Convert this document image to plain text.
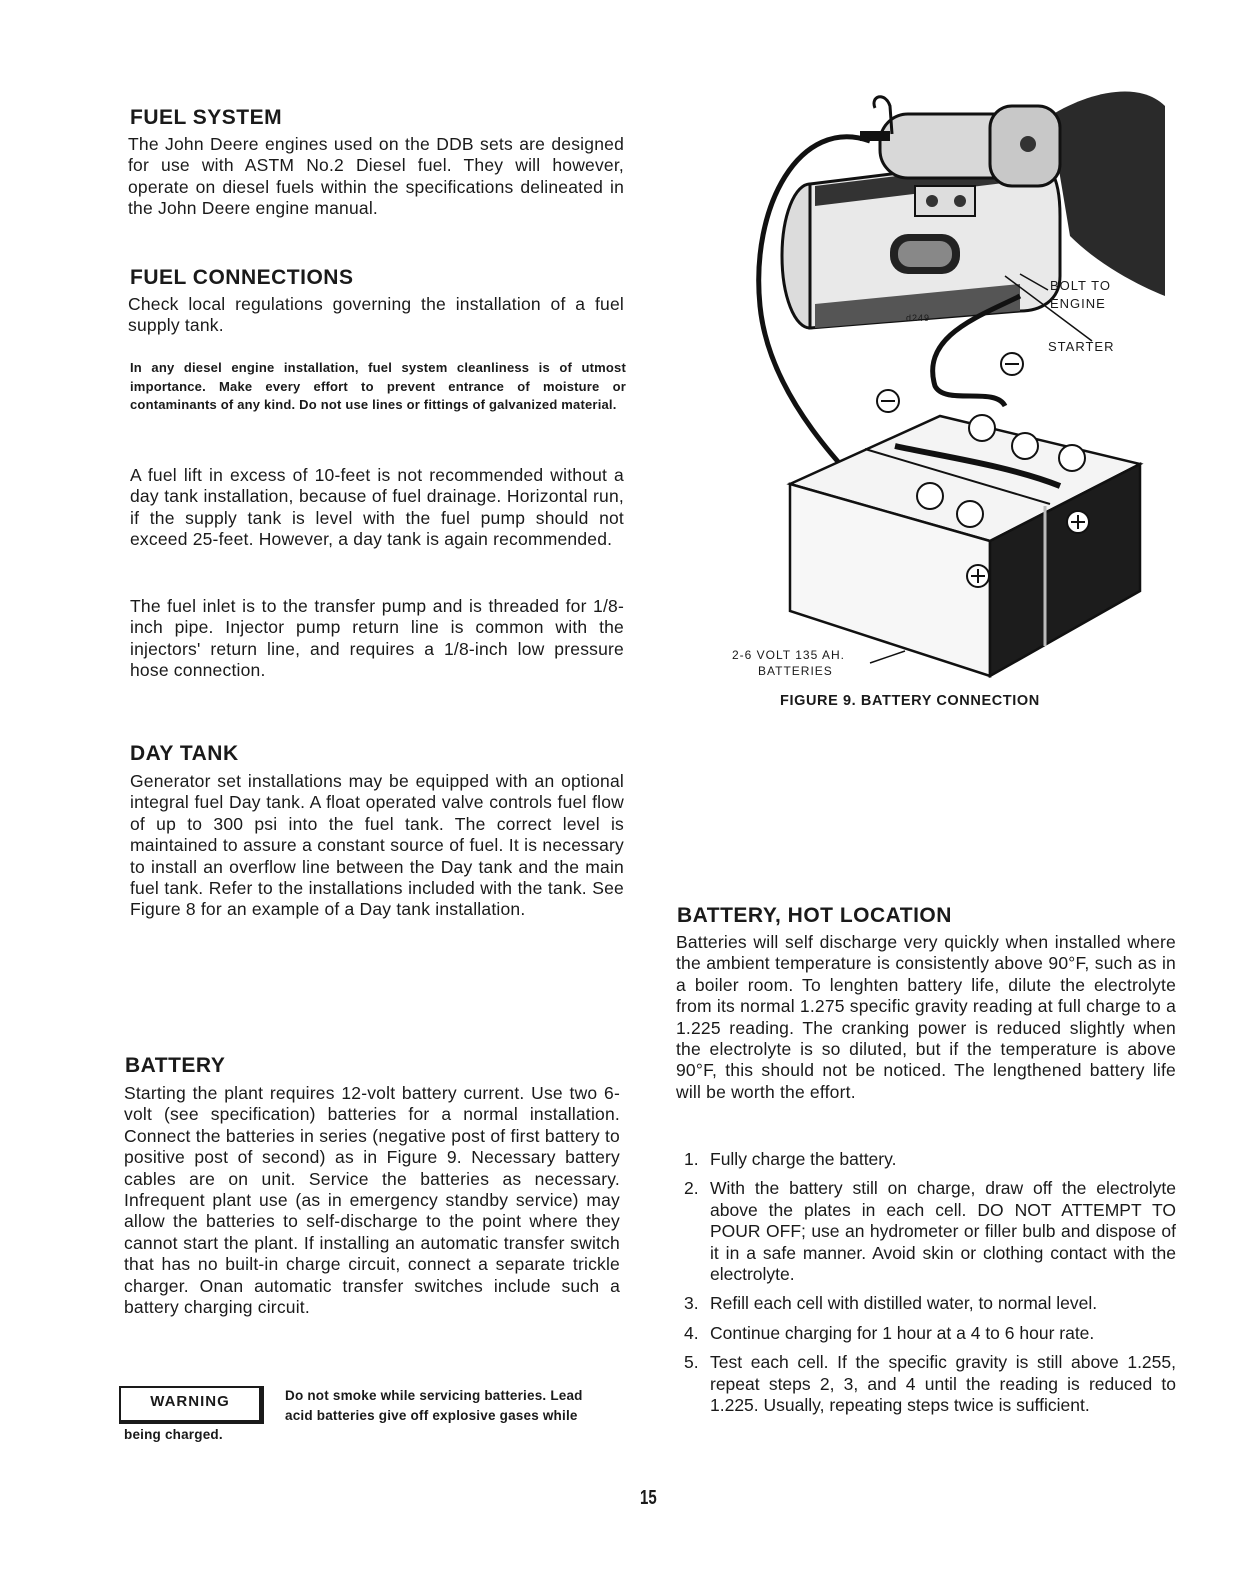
FUEL SYSTEM
The John Deere engines used on the DDB sets are designed for use with ASTM No.2 Diesel fuel. They will however, operate on diesel fuels within the specifications delineated in the John Deere engine manual.
FUEL CONNECTIONS
Check local regulations governing the installation of a fuel supply tank.
In any diesel engine installation, fuel system cleanliness is of utmost importance. Make every effort to prevent entrance of moisture or contaminants of any kind. Do not use lines or fittings of galvanized material.
A fuel lift in excess of 10-feet is not recommended without a day tank installation, because of fuel drainage. Horizontal run, if the supply tank is level with the fuel pump should not exceed 25-feet. However, a day tank is again recommended.
The fuel inlet is to the transfer pump and is threaded for 1/8-inch pipe. Injector pump return line is common with the injectors' return line, and requires a 1/8-inch low pressure hose connection.
DAY TANK
Generator set installations may be equipped with an optional integral fuel Day tank. A float operated valve controls fuel flow of up to 300 psi into the fuel tank. The correct level is maintained to assure a constant source of fuel. It is necessary to install an overflow line between the Day tank and the main fuel tank. Refer to the installations included with the tank. See Figure 8 for an example of a Day tank installation.
BATTERY
Starting the plant requires 12-volt battery current. Use two 6-volt (see specification) batteries for a normal installation. Connect the batteries in series (negative post of first battery to positive post of second) as in Figure 9. Necessary battery cables are on unit. Service the batteries as necessary. Infrequent plant use (as in emergency standby service) may allow the batteries to self-discharge to the point where they cannot start the plant. If installing an automatic transfer switch that has no built-in charge circuit, connect a separate trickle charger. Onan automatic transfer switches include such a battery charging circuit.
WARNING	Do not smoke while servicing batteries. Lead
acid batteries give off explosive gases while
being charged.
BOLT TO
ENGINE
STARTER
d249
2-6 VOLT 135 AH.
BATTERIES
FIGURE 9. BATTERY CONNECTION
BATTERY, HOT LOCATION
Batteries will self discharge very quickly when installed where the ambient temperature is consistently above 90°F, such as in a boiler room. To lenghten battery life, dilute the electrolyte from its normal 1.275 specific gravity reading at full charge to a 1.225 reading. The cranking power is reduced slightly when the electrolyte is so diluted, but if the temperature is above 90°F, this should not be noticed. The lengthened battery life will be worth the effort.
1. Fully charge the battery.
2. With the battery still on charge, draw off the electrolyte above the plates in each cell. DO NOT ATTEMPT TO POUR OFF; use an hydrometer or filler bulb and dispose of it in a safe manner. Avoid skin or clothing contact with the electrolyte.
3. Refill each cell with distilled water, to normal level.
4. Continue charging for 1 hour at a 4 to 6 hour rate.
5. Test each cell. If the specific gravity is still above 1.255, repeat steps 2, 3, and 4 until the reading is reduced to 1.225. Usually, repeating steps twice is sufficient.
15
